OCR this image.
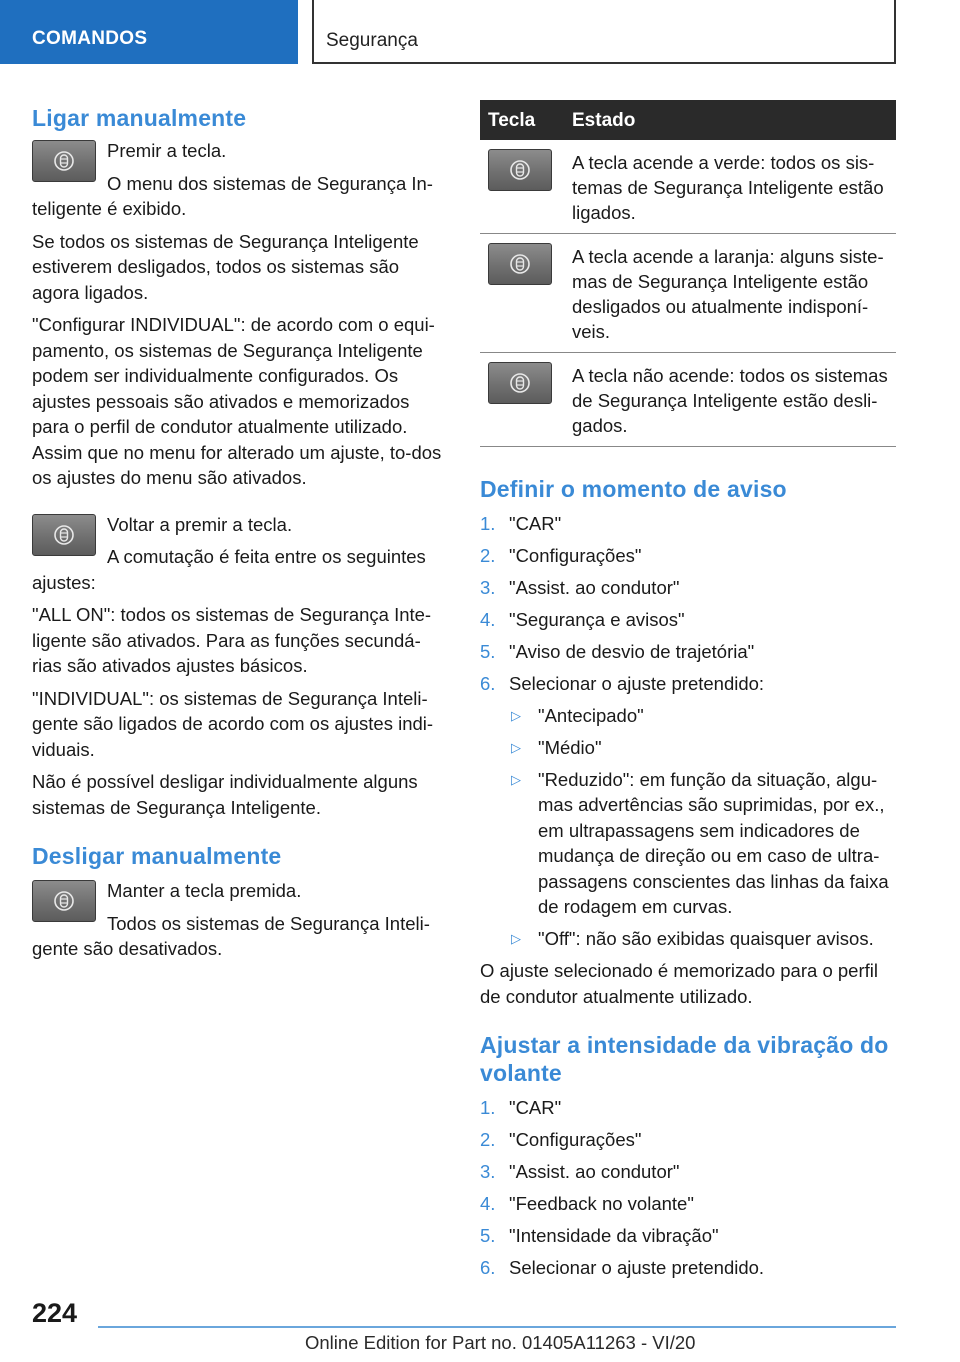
COMANDOS	Segurança
Ligar manualmente

Premir a tecla.

O menu dos sistemas de Segurança In-teligente é exibido.

Se todos os sistemas de Segurança Inteligente estiverem desligados, todos os sistemas são agora ligados.

"Configurar INDIVIDUAL": de acordo com o equi-pamento, os sistemas de Segurança Inteligente podem ser individualmente configurados. Os ajustes pessoais são ativados e memorizados para o perfil de condutor atualmente utilizado. Assim que no menu for alterado um ajuste, to-dos os ajustes do menu são ativados.

Voltar a premir a tecla.

A comutação é feita entre os seguintes ajustes:

"ALL ON": todos os sistemas de Segurança Inte-ligente são ativados. Para as funções secundá-rias são ativados ajustes básicos.

"INDIVIDUAL": os sistemas de Segurança Inteli-gente são ligados de acordo com os ajustes indi-viduais.

Não é possível desligar individualmente alguns sistemas de Segurança Inteligente.

Desligar manualmente

Manter a tecla premida.

Todos os sistemas de Segurança Inteli-gente são desativados.

Tecla	Estado

	A tecla acende a verde: todos os sis-temas de Segurança Inteligente estão ligados.

	A tecla acende a laranja: alguns siste-mas de Segurança Inteligente estão desligados ou atualmente indisponí-veis.

	A tecla não acende: todos os sistemas de Segurança Inteligente estão desli-gados.
Definir o momento de aviso
1. "CAR"
2. "Configurações"
3. "Assist. ao condutor"
4. "Segurança e avisos"
5. "Aviso de desvio de trajetória"
6. Selecionar o ajuste pretendido:
▷ "Antecipado"
▷ "Médio"
▷ "Reduzido": em função da situação, algu-mas advertências são suprimidas, por ex., em ultrapassagens sem indicadores de mudança de direção ou em caso de ultra-passagens conscientes das linhas da faixa de rodagem em curvas.
▷ "Off": não são exibidas quaisquer avisos.

O ajuste selecionado é memorizado para o perfil de condutor atualmente utilizado.

Ajustar a intensidade da vibração do volante
1. "CAR"
2. "Configurações"
3. "Assist. ao condutor"
4. "Feedback no volante"
5. "Intensidade da vibração"
6. Selecionar o ajuste pretendido.
224
Online Edition for Part no. 01405A11263 - VI/20
